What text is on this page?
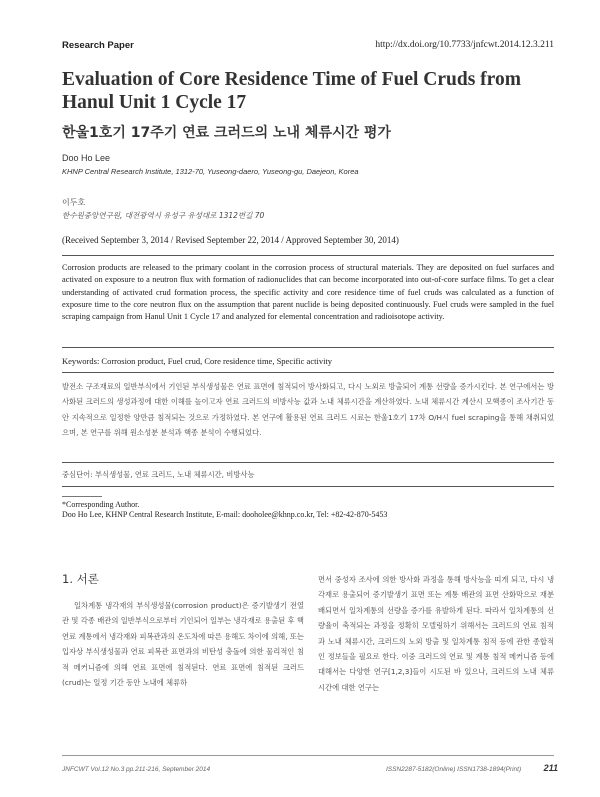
Research Paper	http://dx.doi.org/10.7733/jnfcwt.2014.12.3.211
Evaluation of Core Residence Time of Fuel Cruds from Hanul Unit 1 Cycle 17
한울1호기 17주기 연료 크러드의 노내 체류시간 평가
Doo Ho Lee
KHNP Central Research Institute, 1312-70, Yuseong-daero, Yuseong-gu, Daejeon, Korea
이두호
한수원중앙연구원, 대전광역시 유성구 유성대로 1312번길 70
(Received September 3, 2014 / Revised September 22, 2014 / Approved September 30, 2014)
Corrosion products are released to the primary coolant in the corrosion process of structural materials. They are deposited on fuel surfaces and activated on exposure to a neutron flux with formation of radionuclides that can become incorporated into out-of-core surface films. To get a clear understanding of activated crud formation process, the specific activity and core residence time of fuel cruds was calculated as a function of exposure time to the core neutron flux on the assumption that parent nuclide is being deposited continuously. Fuel cruds were sampled in the fuel scraping campaign from Hanul Unit 1 Cycle 17 and analyzed for elemental concentration and radioisotope activity.
Keywords: Corrosion product, Fuel crud, Core residence time, Specific activity
발전소 구조재료의 일반부식에서 기인된 부식생성물은 연료 표면에 침적되어 방사화되고, 다시 노외로 방출되어 계통 선량을 증가시킨다. 본 연구에서는 방사화된 크러드의 생성과정에 대한 이해를 높이고자 연료 크러드의 비방사능 값과 노내 체류시간을 계산하였다. 노내 체류시간 계산시 모핵종이 조사기간 동안 지속적으로 일정한 양만큼 침적되는 것으로 가정하였다. 본 연구에 활용된 연료 크러드 시료는 한울1호기 17차 O/H시 fuel scraping을 통해 채취되었으며, 본 연구를 위해 원소성분 분석과 핵종 분석이 수행되었다.
중심단어: 부식생성물, 연료 크러드, 노내 체류시간, 비방사능
*Corresponding Author.
Doo Ho Lee, KHNP Central Research Institute, E-mail: dooholee@khnp.co.kr, Tel: +82-42-870-5453
1. 서론
일차계통 냉각재의 부식생성물(corrosion product)은 증기발생기 전열관 및 각종 배관의 일반부식으로부터 기인되어 일부는 냉각재로 용출된 후 핵연료 계통에서 냉각재와 피복관과의 온도차에 따른 용해도 차이에 의해, 또는 입자상 부식생성물과 연료 피복관 표면과의 비탄성 충돌에 의한 물리적인 침적 메커니즘에 의해 연료 표면에 침적된다. 연료 표면에 침적된 크러드(crud)는 일정 기간 동안 노내에 체류하
면서 중성자 조사에 의한 방사화 과정을 통해 방사능을 띠게 되고, 다시 냉각재로 용출되어 증기발생기 표면 또는 계통 배관의 표면 산화막으로 재분배되면서 일차계통의 선량을 증가를 유발하게 된다. 따라서 일차계통의 선량율이 축적되는 과정을 정확히 모델링하기 위해서는 크러드의 연료 침적과 노내 체류시간, 크러드의 노외 방출 및 일차계통 침적 등에 관한 종합적인 정보들을 필요로 한다. 이중 크러드의 연료 및 계통 침적 메커니즘 등에 대해서는 다양한 연구[1,2,3]들이 시도된 바 있으나, 크러드의 노내 체류 시간에 대한 연구는
JNFCWT Vol.12 No.3 pp.211-216, September 2014	ISSN2287-5182(Online) ISSN1738-1894(Print)	211
